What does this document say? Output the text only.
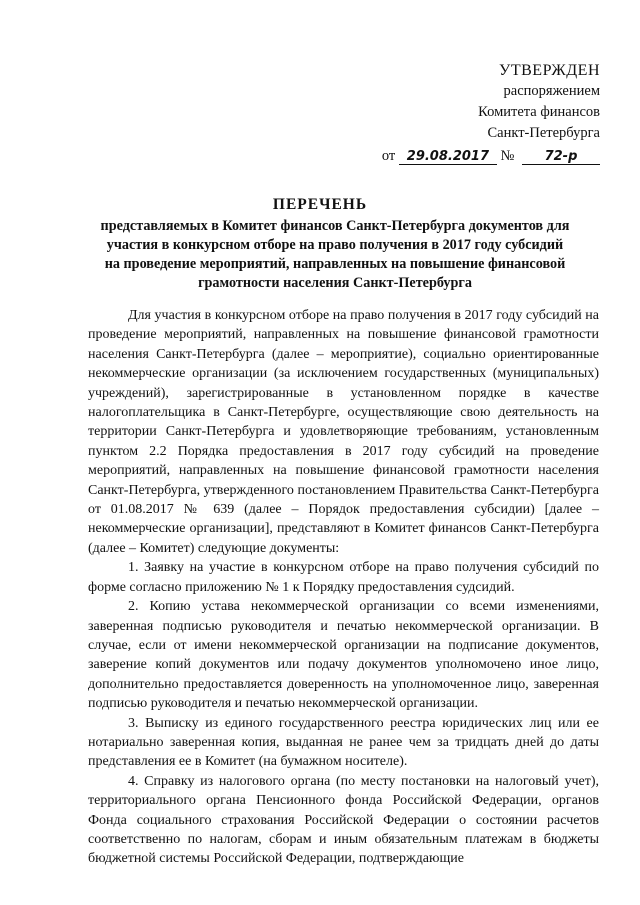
УТВЕРЖДЕН
распоряжением
Комитета финансов
Санкт-Петербурга
от 29.08.2017 № 72-р
ПЕРЕЧЕНЬ
представляемых в Комитет финансов Санкт-Петербурга документов для участия в конкурсном отборе на право получения в 2017 году субсидий на проведение мероприятий, направленных на повышение финансовой грамотности населения Санкт-Петербурга

Для участия в конкурсном отборе на право получения в 2017 году субсидий на проведение мероприятий, направленных на повышение финансовой грамотности населения Санкт-Петербурга (далее – мероприятие), социально ориентированные некоммерческие организации (за исключением государственных (муниципальных) учреждений), зарегистрированные в установленном порядке в качестве налогоплательщика в Санкт-Петербурге, осуществляющие свою деятельность на территории Санкт-Петербурга и удовлетворяющие требованиям, установленным пунктом 2.2 Порядка предоставления в 2017 году субсидий на проведение мероприятий, направленных на повышение финансовой грамотности населения Санкт-Петербурга, утвержденного постановлением Правительства Санкт-Петербурга от 01.08.2017 № 639 (далее – Порядок предоставления субсидии) [далее – некоммерческие организации], представляют в Комитет финансов Санкт-Петербурга (далее – Комитет) следующие документы:

1. Заявку на участие в конкурсном отборе на право получения субсидий по форме согласно приложению № 1 к Порядку предоставления судсидий.

2. Копию устава некоммерческой организации со всеми изменениями, заверенная подписью руководителя и печатью некоммерческой организации. В случае, если от имени некоммерческой организации на подписание документов, заверение копий документов или подачу документов уполномочено иное лицо, дополнительно предоставляется доверенность на уполномоченное лицо, заверенная подписью руководителя и печатью некоммерческой организации.

3. Выписку из единого государственного реестра юридических лиц или ее нотариально заверенная копия, выданная не ранее чем за тридцать дней до даты представления ее в Комитет (на бумажном носителе).

4. Справку из налогового органа (по месту постановки на налоговый учет), территориального органа Пенсионного фонда Российской Федерации, органов Фонда социального страхования Российской Федерации о состоянии расчетов соответственно по налогам, сборам и иным обязательным платежам в бюджеты бюджетной системы Российской Федерации, подтверждающие
